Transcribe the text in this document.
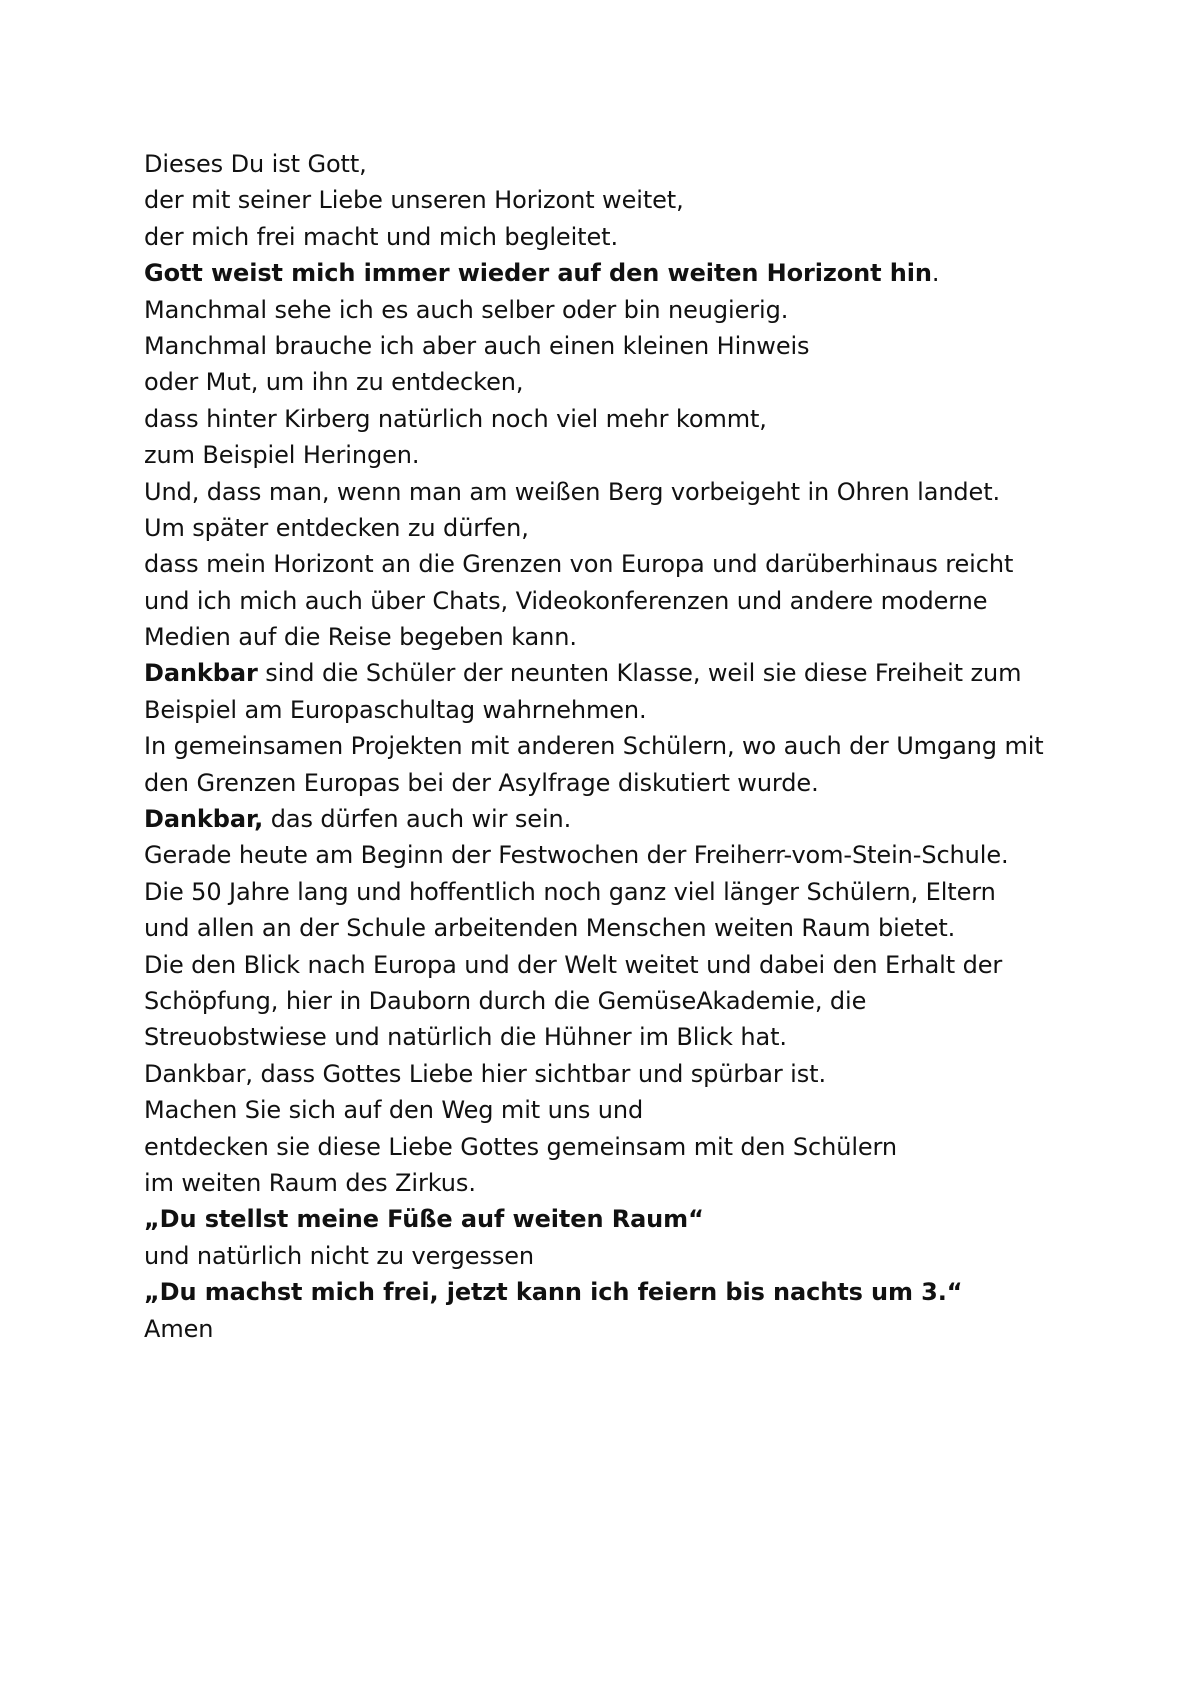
Dieses Du ist Gott,
der mit seiner Liebe unseren Horizont weitet,
der mich frei macht und mich begleitet.
Gott weist mich immer wieder auf den weiten Horizont hin.
Manchmal sehe ich es auch selber oder bin neugierig.
Manchmal brauche ich aber auch einen kleinen Hinweis
oder Mut, um ihn zu entdecken,
dass hinter Kirberg natürlich noch viel mehr kommt,
zum Beispiel Heringen.
Und, dass man, wenn man am weißen Berg vorbeigeht in Ohren landet.
Um später entdecken zu dürfen,
dass mein Horizont an die Grenzen von Europa und darüberhinaus reicht
und ich mich auch über Chats, Videokonferenzen und andere moderne
Medien auf die Reise begeben kann.
Dankbar sind die Schüler der neunten Klasse, weil sie diese Freiheit zum
Beispiel am Europaschultag wahrnehmen.
In gemeinsamen Projekten mit anderen Schülern, wo auch der Umgang mit
den Grenzen Europas bei der Asylfrage diskutiert wurde.
Dankbar, das dürfen auch wir sein.
Gerade heute am Beginn der Festwochen der Freiherr-vom-Stein-Schule.
Die 50 Jahre lang und hoffentlich noch ganz viel länger Schülern, Eltern
und allen an der Schule arbeitenden Menschen weiten Raum bietet.
Die den Blick nach Europa und der Welt weitet und dabei den Erhalt der
Schöpfung, hier in Dauborn durch die GemüseAkademie, die
Streuobstwiese und natürlich die Hühner im Blick hat.
Dankbar, dass Gottes Liebe hier sichtbar und spürbar ist.
Machen Sie sich auf den Weg mit uns und
entdecken sie diese Liebe Gottes gemeinsam mit den Schülern
im weiten Raum des Zirkus.
„Du stellst meine Füße auf weiten Raum“
und natürlich nicht zu vergessen
„Du machst mich frei, jetzt kann ich feiern bis nachts um 3.“
Amen
